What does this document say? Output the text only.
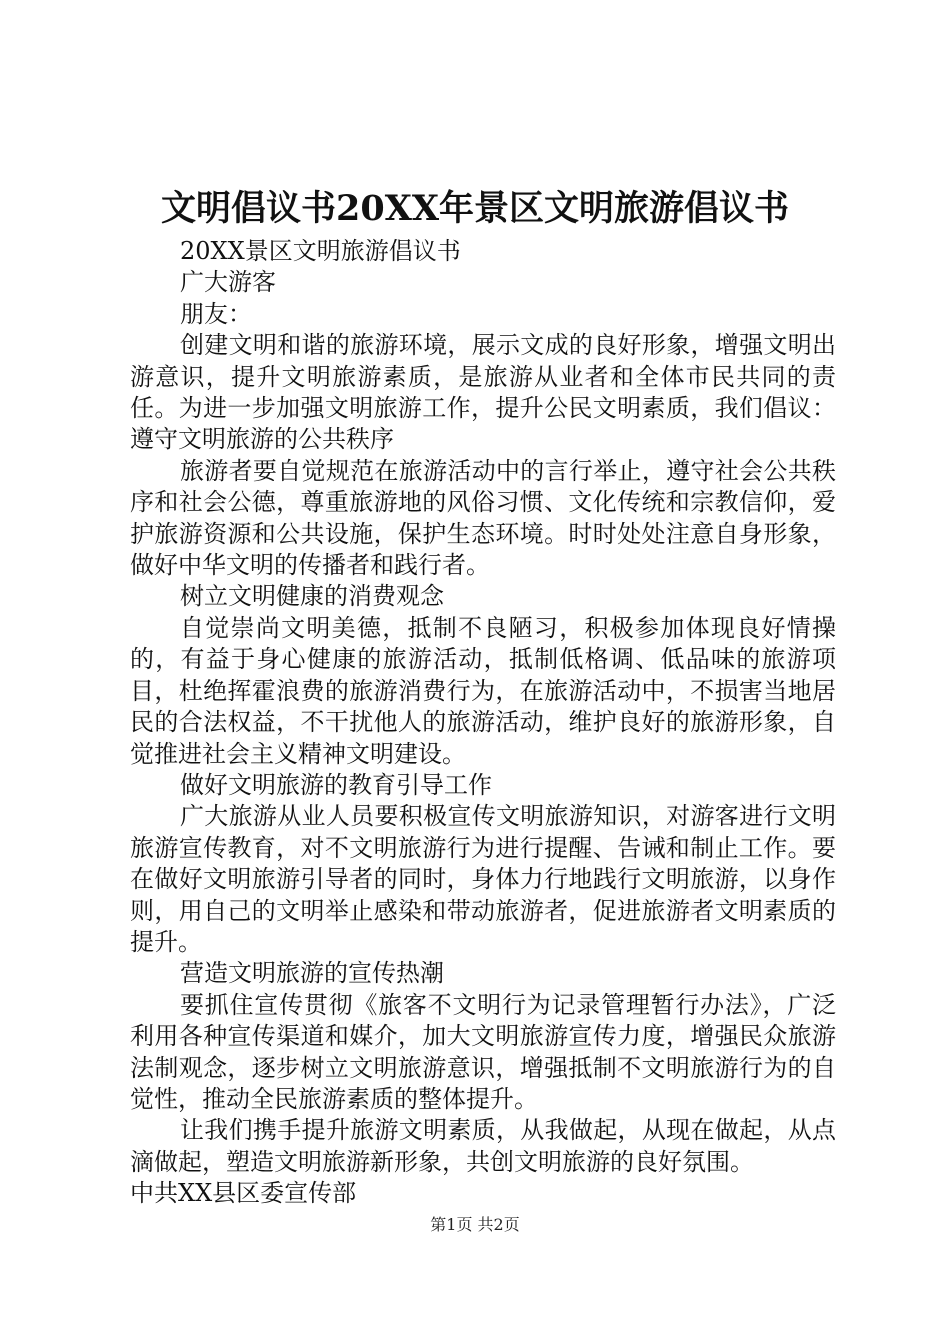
文明倡议书20XX年景区文明旅游倡议书

20XX景区文明旅游倡议书

广大游客

朋友：

创建文明和谐的旅游环境，展示文成的良好形象，增强文明出游意识，提升文明旅游素质，是旅游从业者和全体市民共同的责任。为进一步加强文明旅游工作，提升公民文明素质，我们倡议：遵守文明旅游的公共秩序

旅游者要自觉规范在旅游活动中的言行举止，遵守社会公共秩序和社会公德，尊重旅游地的风俗习惯、文化传统和宗教信仰，爱护旅游资源和公共设施，保护生态环境。时时处处注意自身形象，做好中华文明的传播者和践行者。

树立文明健康的消费观念

自觉崇尚文明美德，抵制不良陋习，积极参加体现良好情操的，有益于身心健康的旅游活动，抵制低格调、低品味的旅游项目，杜绝挥霍浪费的旅游消费行为，在旅游活动中，不损害当地居民的合法权益，不干扰他人的旅游活动，维护良好的旅游形象，自觉推进社会主义精神文明建设。

做好文明旅游的教育引导工作

广大旅游从业人员要积极宣传文明旅游知识，对游客进行文明旅游宣传教育，对不文明旅游行为进行提醒、告诫和制止工作。要在做好文明旅游引导者的同时，身体力行地践行文明旅游，以身作则，用自己的文明举止感染和带动旅游者，促进旅游者文明素质的提升。

营造文明旅游的宣传热潮

要抓住宣传贯彻《旅客不文明行为记录管理暂行办法》，广泛利用各种宣传渠道和媒介，加大文明旅游宣传力度，增强民众旅游法制观念，逐步树立文明旅游意识，增强抵制不文明旅游行为的自觉性，推动全民旅游素质的整体提升。

让我们携手提升旅游文明素质，从我做起，从现在做起，从点滴做起，塑造文明旅游新形象，共创文明旅游的良好氛围。

中共XX县区委宣传部

第1页 共2页
